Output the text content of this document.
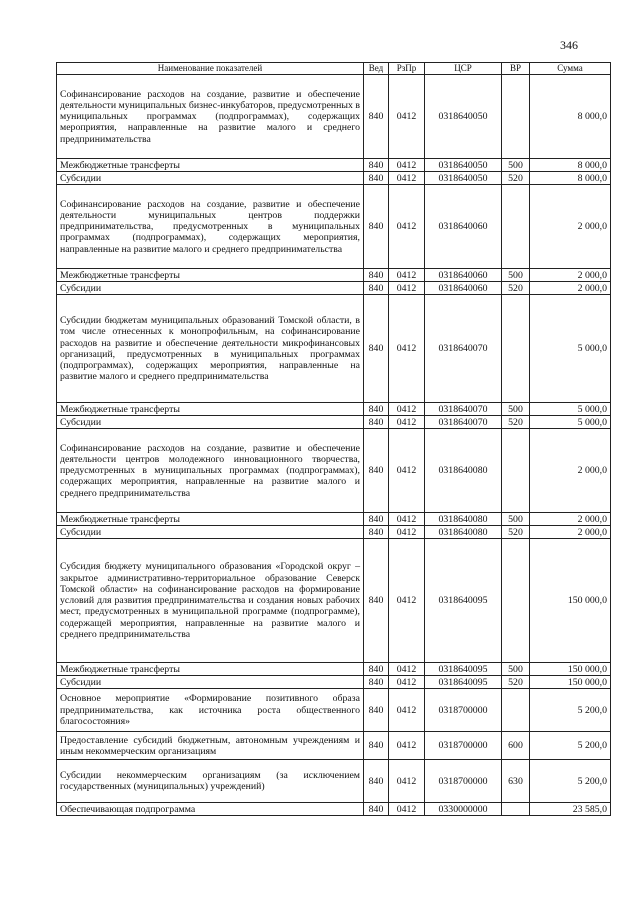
346
Наименование показателей	Вед	РзПр	ЦСР	ВР	Сумма
Софинансирование расходов на создание, развитие и обеспечение деятельности муниципальных бизнес-инкубаторов, предусмотренных в муниципальных программах (подпрограммах), содержащих мероприятия, направленные на развитие малого и среднего предпринимательства	840	0412	0318640050		8 000,0
Межбюджетные трансферты	840	0412	0318640050	500	8 000,0
Субсидии	840	0412	0318640050	520	8 000,0
Софинансирование расходов на создание, развитие и обеспечение деятельности муниципальных центров поддержки предпринимательства, предусмотренных в муниципальных программах (подпрограммах), содержащих мероприятия, направленные на развитие малого и среднего предпринимательства	840	0412	0318640060		2 000,0
Межбюджетные трансферты	840	0412	0318640060	500	2 000,0
Субсидии	840	0412	0318640060	520	2 000,0
Субсидии бюджетам муниципальных образований Томской области, в том числе отнесенных к монопрофильным, на софинансирование расходов на развитие и обеспечение деятельности микрофинансовых организаций, предусмотренных в муниципальных программах (подпрограммах), содержащих мероприятия, направленные на развитие малого и среднего предпринимательства	840	0412	0318640070		5 000,0
Межбюджетные трансферты	840	0412	0318640070	500	5 000,0
Субсидии	840	0412	0318640070	520	5 000,0
Софинансирование расходов на создание, развитие и обеспечение деятельности центров молодежного инновационного творчества, предусмотренных в муниципальных программах (подпрограммах), содержащих мероприятия, направленные на развитие малого и среднего предпринимательства	840	0412	0318640080		2 000,0
Межбюджетные трансферты	840	0412	0318640080	500	2 000,0
Субсидии	840	0412	0318640080	520	2 000,0
Субсидия бюджету муниципального образования «Городской округ – закрытое административно-территориальное образование Северск Томской области» на софинансирование расходов на формирование условий для развития предпринимательства и создания новых рабочих мест, предусмотренных в муниципальной программе (подпрограмме), содержащей мероприятия, направленные на развитие малого и среднего предпринимательства	840	0412	0318640095		150 000,0
Межбюджетные трансферты	840	0412	0318640095	500	150 000,0
Субсидии	840	0412	0318640095	520	150 000,0
Основное мероприятие «Формирование позитивного образа предпринимательства, как источника роста общественного благосостояния»	840	0412	0318700000		5 200,0
Предоставление субсидий бюджетным, автономным учреждениям и иным некоммерческим организациям	840	0412	0318700000	600	5 200,0
Субсидии некоммерческим организациям (за исключением государственных (муниципальных) учреждений)	840	0412	0318700000	630	5 200,0
Обеспечивающая подпрограмма	840	0412	0330000000		23 585,0
